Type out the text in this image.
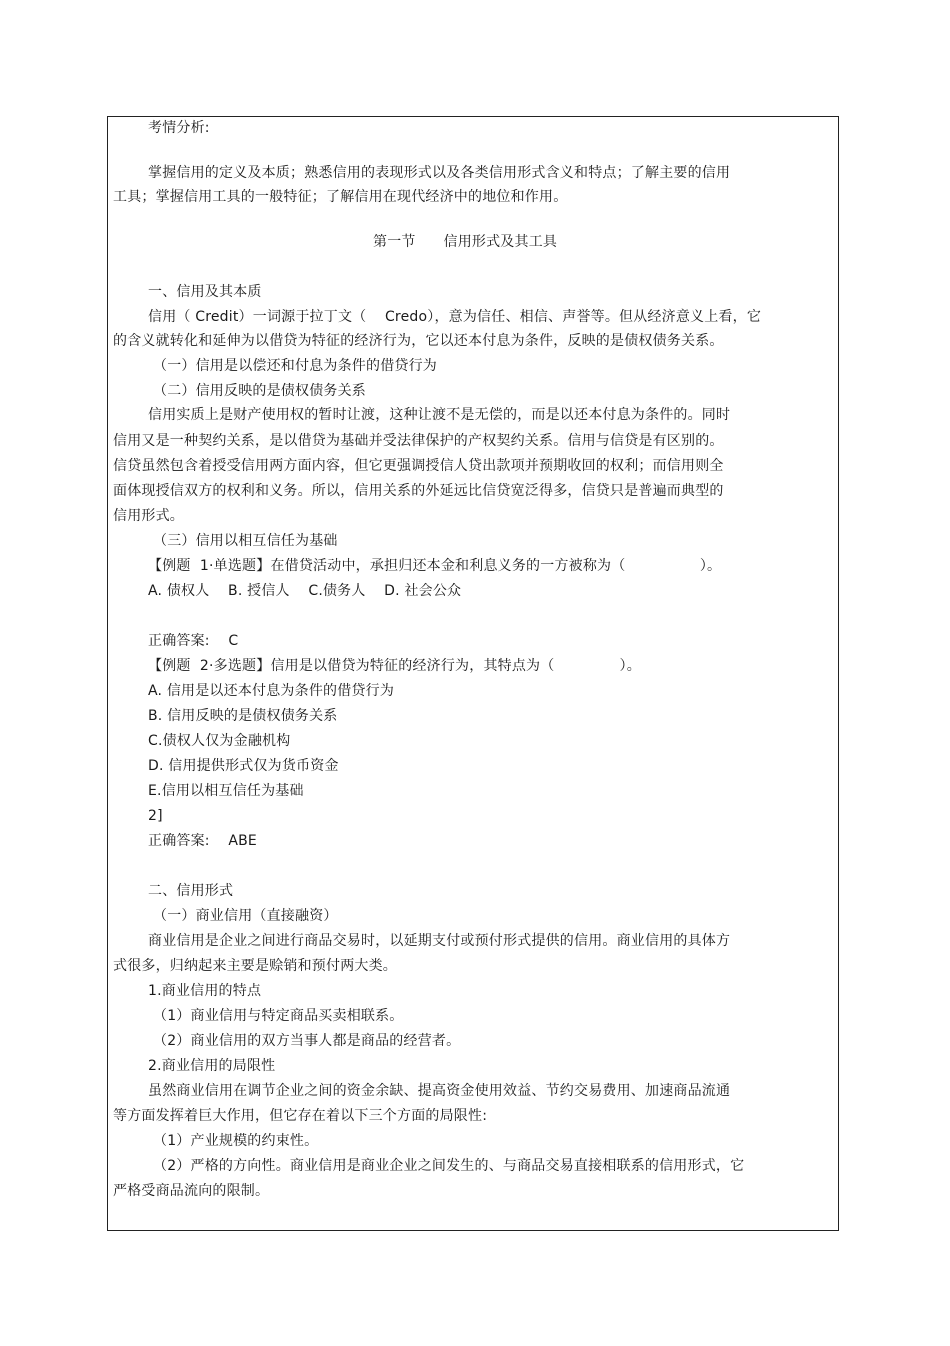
考情分析:
掌握信用的定义及本质；熟悉信用的表现形式以及各类信用形式含义和特点；了解主要的信用
工具；掌握信用工具的一般特征；了解信用在现代经济中的地位和作用。
第一节      信用形式及其工具
一、信用及其本质
信用（ Credit）一词源于拉丁文（    Credo），意为信任、相信、声誉等。但从经济意义上看，它
的含义就转化和延伸为以借贷为特征的经济行为，它以还本付息为条件，反映的是债权债务关系。
（一）信用是以偿还和付息为条件的借贷行为
（二）信用反映的是债权债务关系
信用实质上是财产使用权的暂时让渡，这种让渡不是无偿的，而是以还本付息为条件的。同时
信用又是一种契约关系，是以借贷为基础并受法律保护的产权契约关系。信用与信贷是有区别的。
信贷虽然包含着授受信用两方面内容，但它更强调授信人贷出款项并预期收回的权利；而信用则全
面体现授信双方的权利和义务。所以，信用关系的外延远比信贷宽泛得多，信贷只是普遍而典型的
信用形式。
（三）信用以相互信任为基础
【例题  1·单选题】在借贷活动中，承担归还本金和利息义务的一方被称为（                ）。
A. 债权人    B. 授信人    C.债务人    D. 社会公众
正确答案:    C
【例题  2·多选题】信用是以借贷为特征的经济行为，其特点为（              ）。
A. 信用是以还本付息为条件的借贷行为
B. 信用反映的是债权债务关系
C.债权人仅为金融机构
D. 信用提供形式仅为货币资金
E.信用以相互信任为基础
2]
正确答案:    ABE
二、信用形式
（一）商业信用（直接融资）
商业信用是企业之间进行商品交易时，以延期支付或预付形式提供的信用。商业信用的具体方
式很多，归纳起来主要是赊销和预付两大类。
1.商业信用的特点
（1）商业信用与特定商品买卖相联系。
（2）商业信用的双方当事人都是商品的经营者。
2.商业信用的局限性
虽然商业信用在调节企业之间的资金余缺、提高资金使用效益、节约交易费用、加速商品流通
等方面发挥着巨大作用，但它存在着以下三个方面的局限性:
（1）产业规模的约束性。
（2）严格的方向性。商业信用是商业企业之间发生的、与商品交易直接相联系的信用形式，它
严格受商品流向的限制。
